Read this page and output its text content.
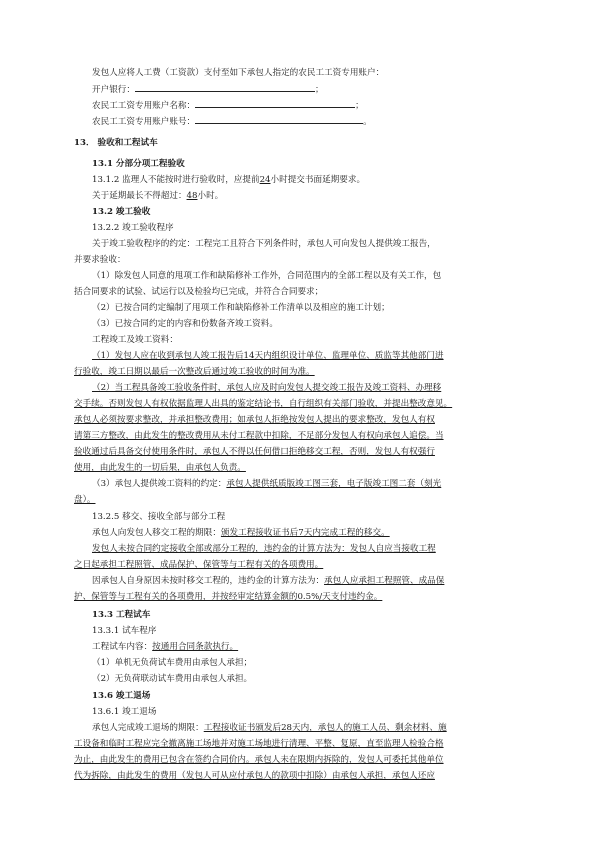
发包人应将人工费（工资款）支付至如下承包人指定的农民工工资专用账户：
开户银行：	；
农民工工资专用账户名称：	；
农民工工资专用账户账号：	。
13． 验收和工程试车
13.1 分部分项工程验收
13.1.2 监理人不能按时进行验收时，应提前24小时提交书面延期要求。
关于延期最长不得超过：48小时。
13.2 竣工验收
13.2.2 竣工验收程序
关于竣工验收程序的约定：工程完工且符合下列条件时，承包人可向发包人提供竣工报告，
并要求验收：
（1）除发包人同意的甩项工作和缺陷修补工作外，合同范围内的全部工程以及有关工作，包
括合同要求的试验、试运行以及检验均已完成，并符合合同要求；
（2）已按合同约定编制了甩项工作和缺陷修补工作清单以及相应的施工计划；
（3）已按合同约定的内容和份数备齐竣工资料。
工程竣工及竣工资料：
（1）发包人应在收到承包人竣工报告后14天内组织设计单位、监理单位、质监等其他部门进
行验收，竣工日期以最后一次整改后通过竣工验收的时间为准。
（2）当工程具备竣工验收条件时，承包人应及时向发包人提交竣工报告及竣工资料、办理移
交手续。否则发包人有权依据监理人出具的鉴定结论书，自行组织有关部门验收，并提出整改意见。
承包人必须按要求整改，并承担整改费用；如承包人拒绝按发包人提出的要求整改，发包人有权
请第三方整改，由此发生的整改费用从未付工程款中扣除，不足部分发包人有权向承包人追偿。当
验收通过后具备交付使用条件时，承包人不得以任何借口拒绝移交工程，否则，发包人有权强行
使用，由此发生的一切后果，由承包人负责。
（3）承包人提供竣工资料的约定：承包人提供纸质版竣工图三套，电子版竣工图二套（刻光
盘）。
13.2.5 移交、接收全部与部分工程
承包人向发包人移交工程的期限：颁发工程接收证书后7天内完成工程的移交。
发包人未按合同约定接收全部或部分工程的，违约金的计算方法为：发包人自应当接收工程
之日起承担工程照管、成品保护、保管等与工程有关的各项费用。
因承包人自身原因未按时移交工程的，违约金的计算方法为：承包人应承担工程照管、成品保
护、保管等与工程有关的各项费用，并按经审定结算金额的0.5%/天支付违约金。
13.3 工程试车
13.3.1 试车程序
工程试车内容：按通用合同条款执行。
（1）单机无负荷试车费用由承包人承担；
（2）无负荷联动试车费用由承包人承担。
13.6 竣工退场
13.6.1 竣工退场
承包人完成竣工退场的期限：工程接收证书颁发后28天内，承包人的施工人员、剩余材料、施
工设备和临时工程应完全撤离施工场地并对施工场地进行清理、平整、复原，直至监理人检验合格
为止，由此发生的费用已包含在签约合同价内。承包人未在限期内拆除的，发包人可委托其他单位
代为拆除，由此发生的费用（发包人可从应付承包人的款项中扣除）由承包人承担，承包人还应
